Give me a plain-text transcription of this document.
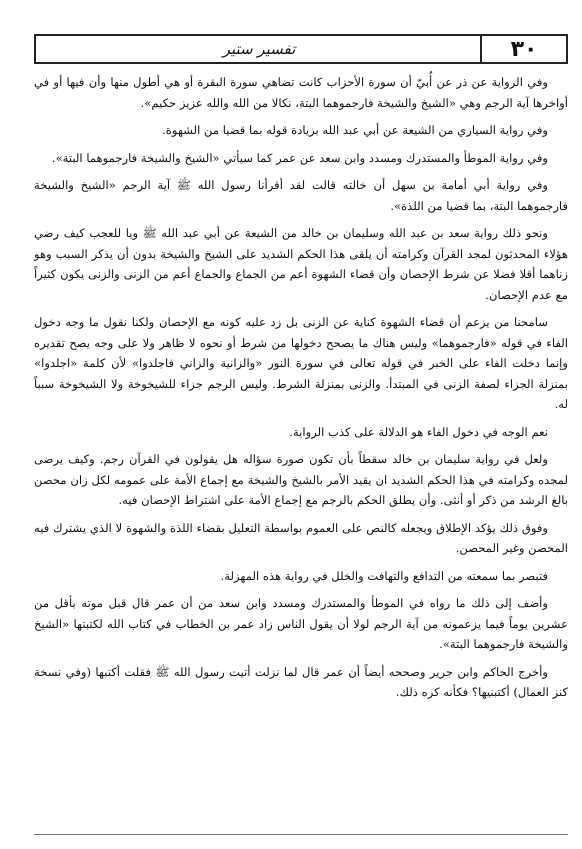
٣٠
تفسير ستير

وفي الرواية عن ذر عن أُبيّ أن سورة الأحزاب كانت تضاهي سورة البقرة أو هي أطول منها وأن فيها أو في أواخرها آية الرجم وهي «الشيخ والشيخة فارجموهما البتة، نكالا من الله والله عزيز حكيم».

وفي رواية السياري من الشيعة عن أبي عبد الله بزيادة قوله بما قضيا من الشهوة.

وفي رواية الموطأ والمستدرك ومسدد وابن سعد عن عمر كما سيأتي «الشيخ والشيخة فارجموهما البتة».

وفي رواية أبي أمامة بن سهل أن خالته قالت لقد أقرأنا رسول الله ﷺ آية الرجم «الشيخ والشيخة فارجموهما البتة، بما قضيا من اللذة».

ونحو ذلك رواية سعد بن عبد الله وسليمان بن خالد من الشيعة عن أبي عبد الله ﷺ ويا للعجب كيف رضي هؤلاء المحدثون لمجد القرآن وكرامته أن يلقى هذا الحكم الشديد على الشيخ والشيخة بدون أن يذكر السبب وهو زناهما أقلا فضلا عن شرط الإحصان وأن قضاء الشهوة أعم من الجماع والجماع أعم من الزنى والزنى يكون كثيراً مع عدم الإحصان.

سامحنا من يزعم أن قضاء الشهوة كناية عن الزنى بل زد عليه كونه مع الإحصان ولكنا نقول ما وجه دخول الفاء في قوله «فارجموهما» وليس هناك ما يصحح دخولها من شرط أو نحوه لا ظاهر ولا على وجه يصح تقديره وإنما دخلت الفاء على الخبر في قوله تعالى في سورة النور «والزانية والزاني فاجلدوا» لأن كلمة «اجلدوا» بمنزلة الجزاء لصفة الزنى في المبتدأ. والزنى بمنزلة الشرط. وليس الرجم جزاء للشيخوخة ولا الشيخوخة سبباً له.

نعم الوجه في دخول الفاء هو الدلالة على كذب الرواية.

ولعل في رواية سليمان بن خالد سقطاً بأن تكون صورة سؤاله هل يقولون في القرآن رجم. وكيف يرضى لمجده وكرامته في هذا الحكم الشديد ان يقيد الأمر بالشيخ والشيخة مع إجماع الأمة على عمومه لكل زان محصن بالغ الرشد من ذكر أو أنثى. وأن يطلق الحكم بالرجم مع إجماع الأمة على اشتراط الإحصان فيه.

وفوق ذلك يؤكد الإطلاق ويجعله كالنص على العموم بواسطة التعليل بقضاء اللذة والشهوة لا الذي يشترك فيه المحصن وغير المحصن.

فتبصر بما سمعته من التدافع والتهافت والخلل في رواية هذه المهزلة.

وأضف إلى ذلك ما رواه في الموطأ والمستدرك ومسدد وابن سعد من أن عمر قال قبل موته بأقل من عشرين يوماً فيما يزعمونه من آية الرجم لولا أن يقول الناس زاد عمر بن الخطاب في كتاب الله لكتبتها «الشيخ والشيخة فارجموهما البتة».

وأخرج الحاكم وابن جرير وصححه أيضاً أن عمر قال لما نزلت أتيت رسول الله ﷺ فقلت أكتبها (وفي نسخة كنز العمال) أكتبنيها؟ فكأنه كره ذلك.
